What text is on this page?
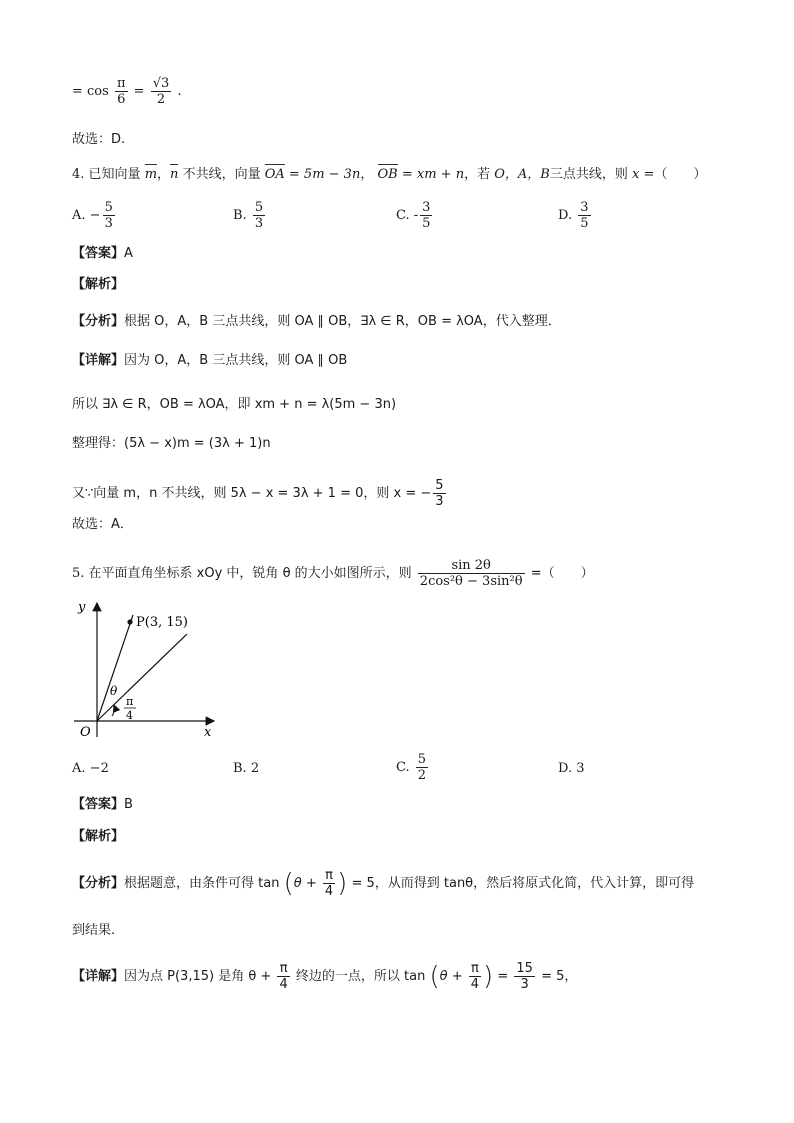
= $\cos \frac{\pi}{6} = \frac{√3}{2}$ .
故选：D.
4. 已知向量 m，n 不共线，向量 OA = 5m − 3n， OB = xm + n，若 O，A，B三点共线，则 x =（　　）
A. − $\frac{5}{3}$	B. $\frac{5}{3}$	C. - $\frac{3}{5}$	D. $\frac{3}{5}$
【答案】A
【解析】
【分析】根据 O，A，B 三点共线，则 OA ∥ OB，∃λ ∈ R，OB = λOA，代入整理．
【详解】因为 O，A，B 三点共线，则 OA ∥ OB
所以 ∃λ ∈ R，OB = λOA，即 xm + n = λ(5m − 3n)
整理得：(5λ − x)m = (3λ + 1)n
又∵向量 m，n 不共线，则 5λ − x = 3λ + 1 = 0，则 x = − $\frac{5}{3}$
故选：A．
5. 在平面直角坐标系 xOy 中，锐角 θ 的大小如图所示，则 $\frac{\sin 2\theta}{\text{2cos²θ − 3sin²θ}}$ =（　　）
y
x
O
P(3, 15)
θ
π
4
A. −2	B. 2	C. $\frac{5}{2}$	D. 3
【答案】B
【解析】
【分析】根据题意，由条件可得 $\tan (\theta + \frac{\pi}{4}$ ) = 5，从而得到 tanθ，然后将原式化简，代入计算，即可得
到结果.
【详解】因为点 P(3,15) 是角 $\theta + \frac{\pi}{4}$ 终边的一点，所以 $\tan (\theta + \frac{\pi}{4}$ ) = $\frac{15}{3} = 5$，
